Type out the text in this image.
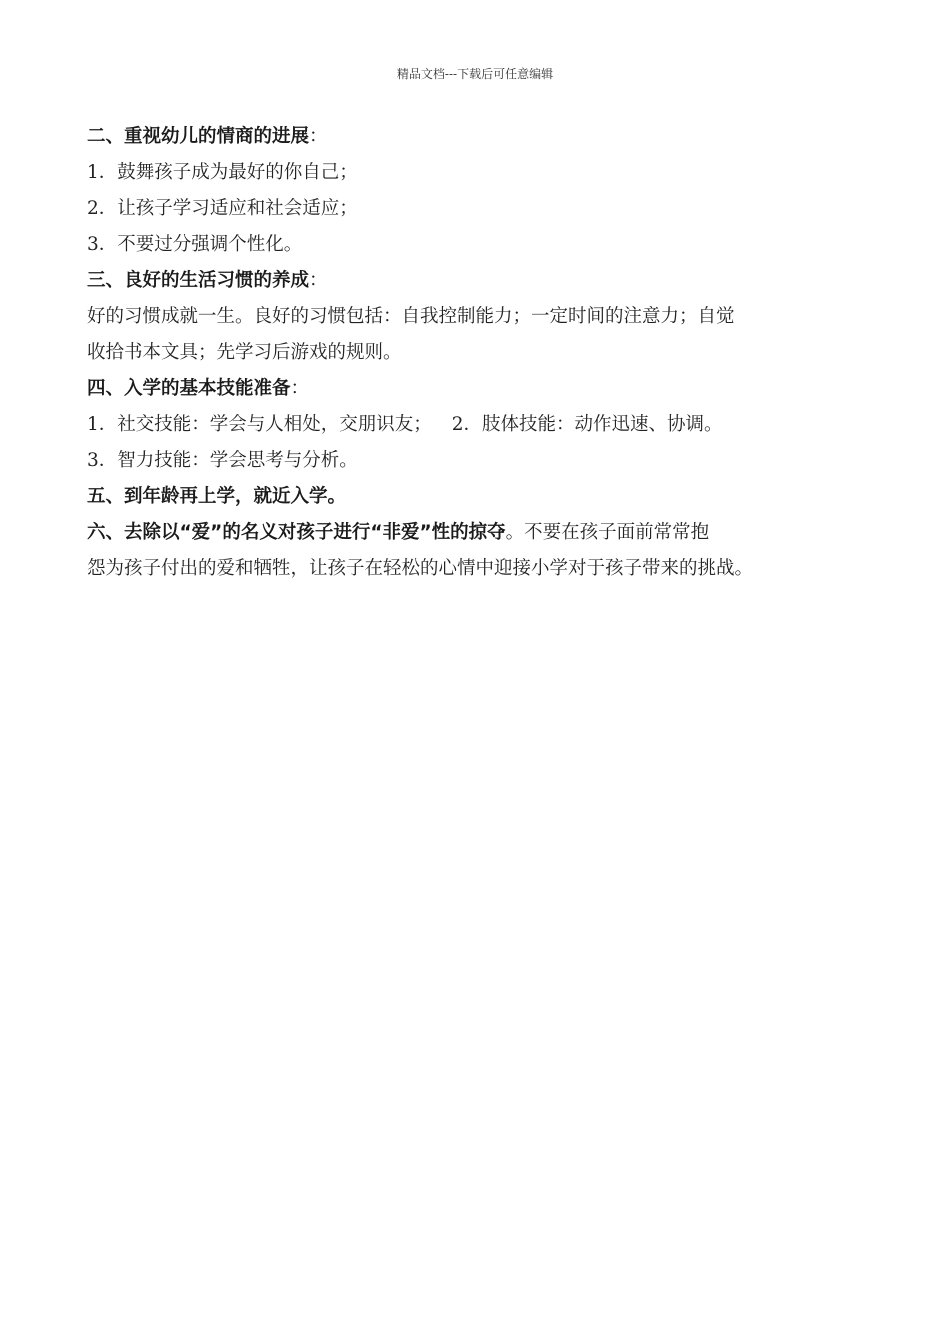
精品文档---下载后可任意编辑
二、重视幼儿的情商的进展：
1．鼓舞孩子成为最好的你自己；
2．让孩子学习适应和社会适应；
3．不要过分强调个性化。
三、良好的生活习惯的养成：
好的习惯成就一生。良好的习惯包括：自我控制能力；一定时间的注意力；自觉
收拾书本文具；先学习后游戏的规则。
四、入学的基本技能准备：
1．社交技能：学会与人相处，交朋识友； 2．肢体技能：动作迅速、协调。
3．智力技能：学会思考与分析。
五、到年龄再上学，就近入学。
六、去除以“爱”的名义对孩子进行“非爱”性的掠夺。不要在孩子面前常常抱
怨为孩子付出的爱和牺牲，让孩子在轻松的心情中迎接小学对于孩子带来的挑战。
